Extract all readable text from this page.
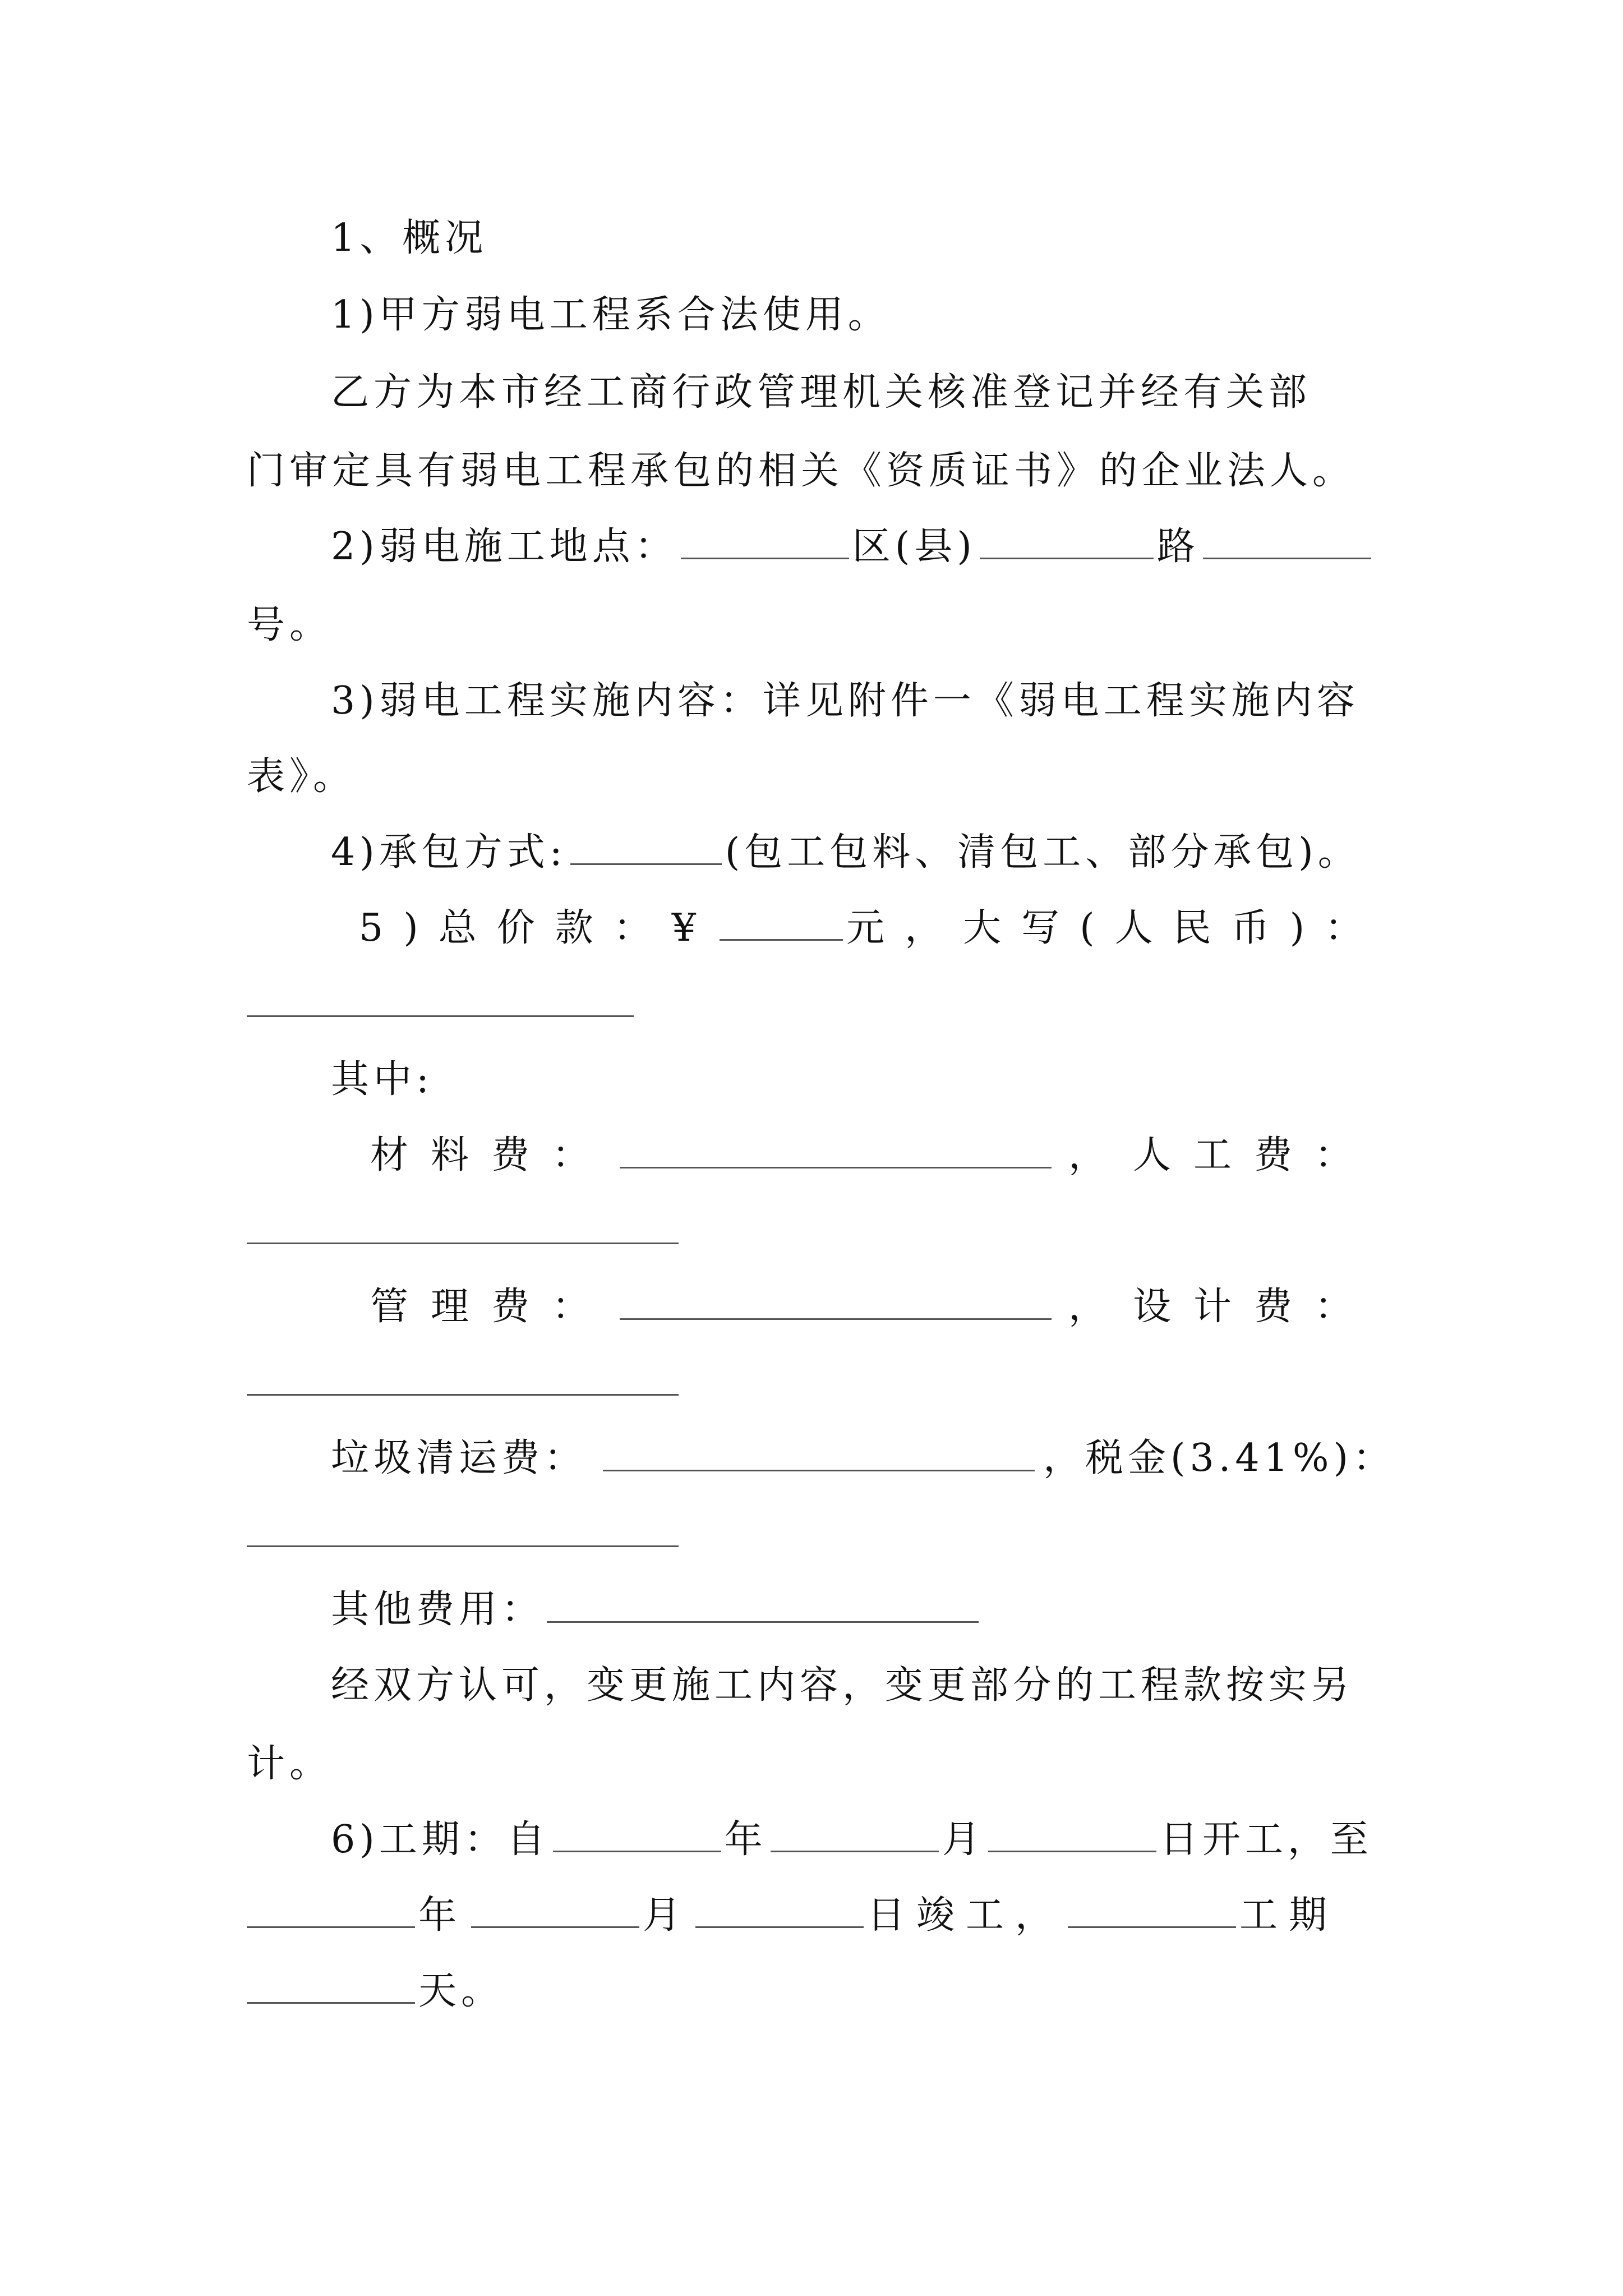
1、概况
1)甲方弱电工程系合法使用。
乙方为本市经工商行政管理机关核准登记并经有关部
门审定具有弱电工程承包的相关《资质证书》的企业法人。
2)弱电施工地点：	区(县)	路
号。
3)弱电工程实施内容：详见附件一《弱电工程实施内容
表》。
4)承包方式:	(包工包料、清包工、部分承包)。
5)总价款：¥	元，大写(人民币)：
其中:
材料费：	， 人工费：
管理费：	， 设计费：
垃圾清运费：	，
税金(3.41%)：
其他费用：
经双方认可，变更施工内容，变更部分的工程款按实另
计。
6)工期：自	年	月	日开工，至
年	月	日竣工，	工期
天。
